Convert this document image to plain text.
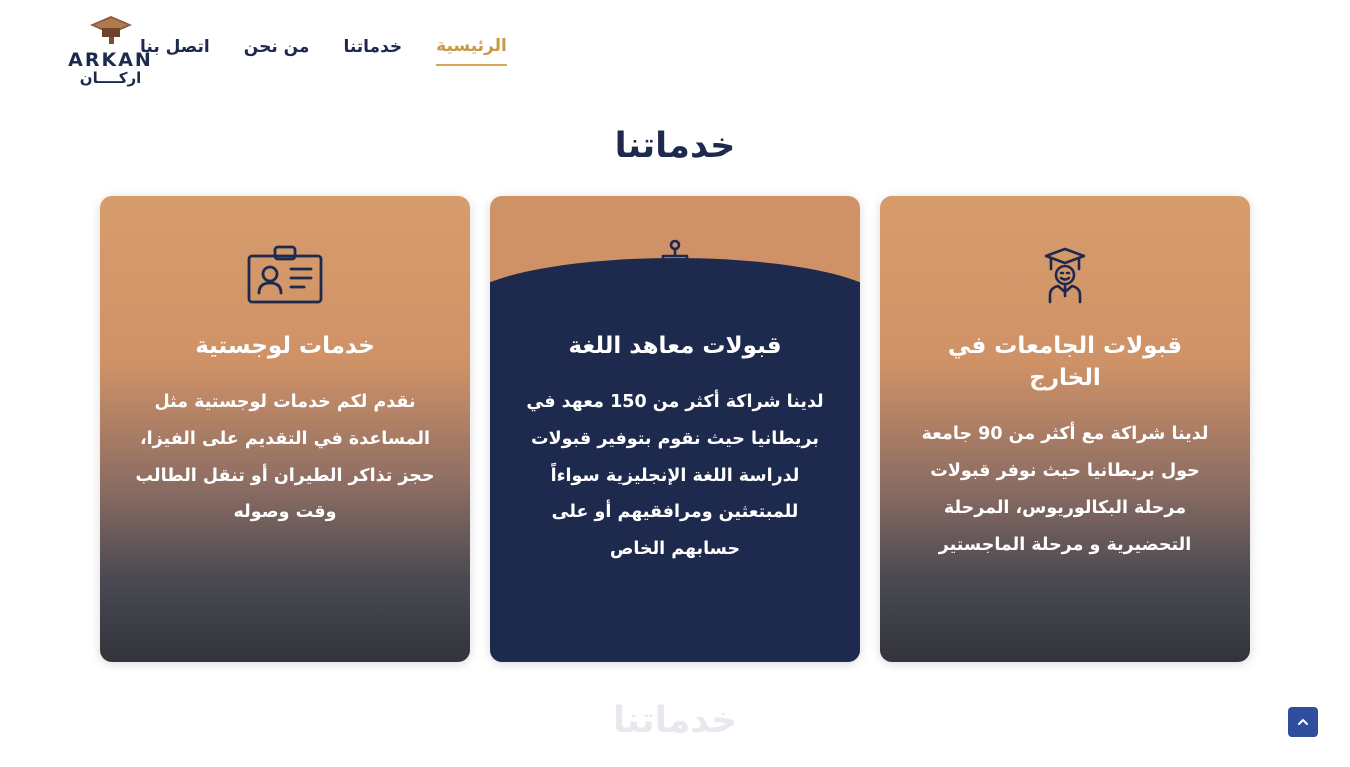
ARKAN
اركــــان
الرئيسية
خدماتنا
من نحن
اتصل بنا
خدماتنا
قبولات الجامعات في الخارج
لدينا شراكة مع أكثر من 90 جامعة حول بريطانيا حيث نوفر قبولات مرحلة البكالوريوس، المرحلة التحضيرية و مرحلة الماجستير
قبولات معاهد اللغة
لدينا شراكة أكثر من 150 معهد في بريطانيا حيث نقوم بتوفير قبولات لدراسة اللغة الإنجليزية سواءاً للمبتعثين ومرافقيهم أو على حسابهم الخاص
خدمات لوجستية
نقدم لكم خدمات لوجستية مثل المساعدة في التقديم على الفيزا، حجز تذاكر الطيران أو تنقل الطالب وقت وصوله
خدماتنا
